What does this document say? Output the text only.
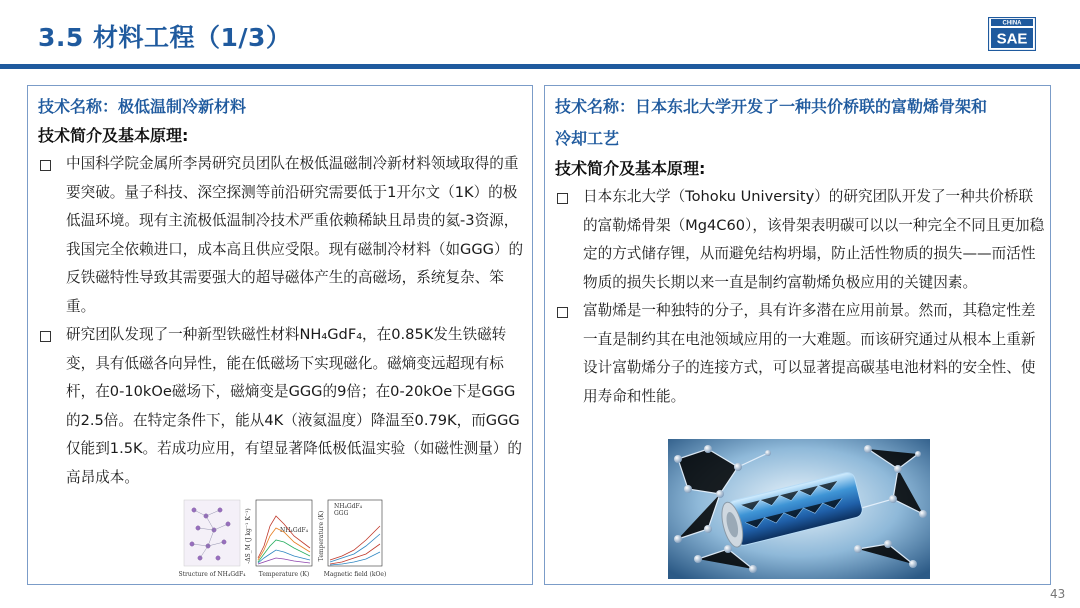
3.5 材料工程（1/3）	CHINA
SAE
技术名称：极低温制冷新材料
技术简介及基本原理:
中国科学院金属所李昺研究员团队在极低温磁制冷新材料领域取得的重要突破。量子科技、深空探测等前沿研究需要低于1开尔文（1K）的极低温环境。现有主流极低温制冷技术严重依赖稀缺且昂贵的氦-3资源，我国完全依赖进口，成本高且供应受限。现有磁制冷材料（如GGG）的反铁磁特性导致其需要强大的超导磁体产生的高磁场，系统复杂、笨重。
研究团队发现了一种新型铁磁性材料NH₄GdF₄，在0.85K发生铁磁转变，具有低磁各向异性，能在低磁场下实现磁化。磁熵变远超现有标杆，在0-10kOe磁场下，磁熵变是GGG的9倍；在0-20kOe下是GGG的2.5倍。在特定条件下，能从4K（液氦温度）降温至0.79K，而GGG仅能到1.5K。若成功应用，有望显著降低极低温实验（如磁性测量）的高昂成本。
Structure of NH₄GdF₄
-ΔS_M (J kg⁻¹ K⁻¹)	NH₄GdF₄
Temperature (K)
Temperature (K)
NH₄GdF₄
GGG
Magnetic field (kOe)
技术名称：日本东北大学开发了一种共价桥联的富勒烯骨架和
冷却工艺
技术简介及基本原理:
日本东北大学（Tohoku University）的研究团队开发了一种共价桥联的富勒烯骨架（Mg4C60），该骨架表明碳可以以一种完全不同且更加稳定的方式储存锂，从而避免结构坍塌，防止活性物质的损失——而活性物质的损失长期以来一直是制约富勒烯负极应用的关键因素。
富勒烯是一种独特的分子，具有许多潜在应用前景。然而，其稳定性差一直是制约其在电池领域应用的一大难题。而该研究通过从根本上重新设计富勒烯分子的连接方式，可以显著提高碳基电池材料的安全性、使用寿命和性能。
43
